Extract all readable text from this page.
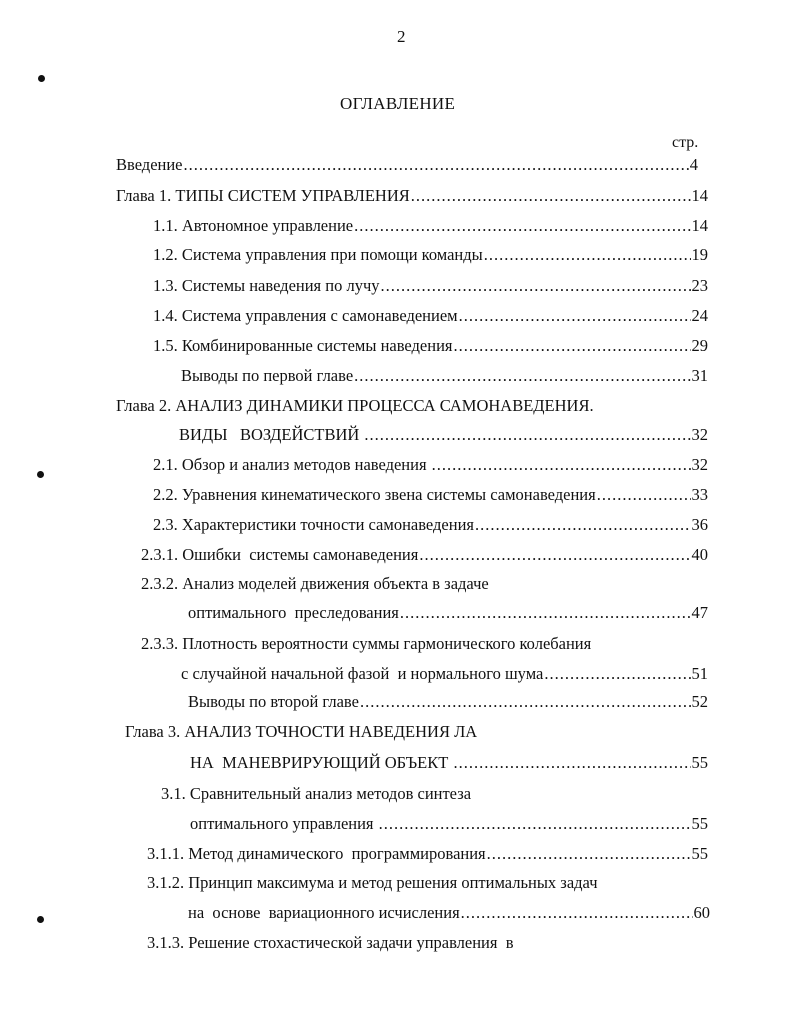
2
ОГЛАВЛЕНИЕ
стр.
Введение .....	4
Глава 1. ТИПЫ СИСТЕМ УПРАВЛЕНИЯ .....	14
1.1. Автономное управление .....	14
1.2. Система управления при помощи команды .....	19
1.3. Системы наведения по лучу .....	23
1.4. Система управления с самонаведением .....	24
1.5. Комбинированные системы наведения .....	29
Выводы по первой главе .....	31
Глава 2. АНАЛИЗ ДИНАМИКИ ПРОЦЕССА САМОНАВЕДЕНИЯ.
ВИДЫ   ВОЗДЕЙСТВИЙ .....	32
2.1. Обзор и анализ методов наведения .....	32
2.2. Уравнения кинематического звена системы самонаведения .....	33
2.3. Характеристики точности самонаведения .....	36
2.3.1. Ошибки  системы самонаведения .....	40
2.3.2. Анализ моделей движения объекта в задаче
оптимального  преследования .....	47
2.3.3. Плотность вероятности суммы гармонического колебания
с случайной начальной фазой  и нормального шума .....	51
Выводы по второй главе .....	52
Глава 3. АНАЛИЗ ТОЧНОСТИ НАВЕДЕНИЯ ЛА
НА  МАНЕВРИРУЮЩИЙ ОБЪЕКТ .....	55
3.1. Сравнительный анализ методов синтеза
оптимального управления .....	55
3.1.1. Метод динамического  программирования .....	55
3.1.2. Принцип максимума и метод решения оптимальных задач
на  основе  вариационного исчисления .....	60
3.1.3. Решение стохастической задачи управления  в
